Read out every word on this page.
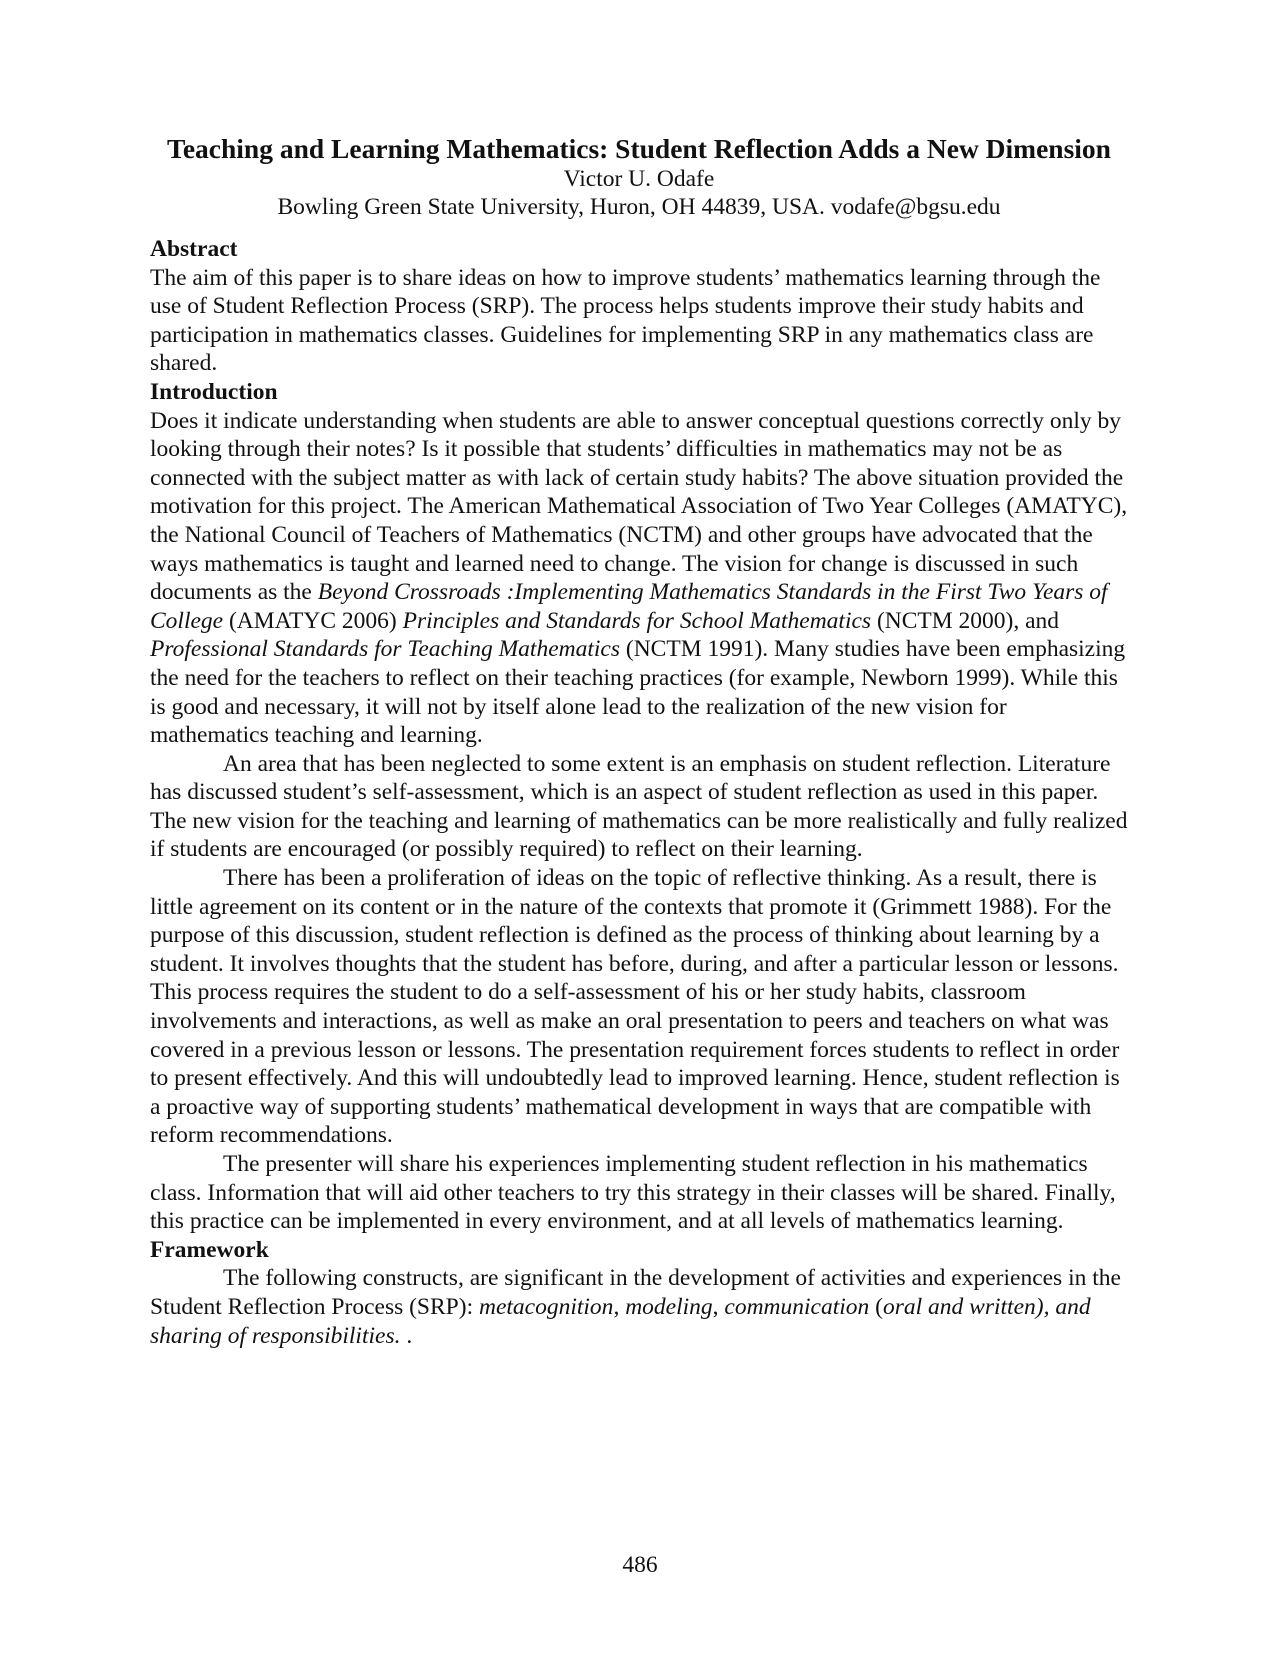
Teaching and Learning Mathematics: Student Reflection Adds a New Dimension

Victor U. Odafe

Bowling Green State University, Huron, OH 44839, USA. vodafe@bgsu.edu

Abstract

The aim of this paper is to share ideas on how to improve students’ mathematics learning through the use of Student Reflection Process (SRP). The process helps students improve their study habits and participation in mathematics classes. Guidelines for implementing SRP in any mathematics class are shared.

Introduction

Does it indicate understanding when students are able to answer conceptual questions correctly only by looking through their notes? Is it possible that students’ difficulties in mathematics may not be as connected with the subject matter as with lack of certain study habits? The above situation provided the motivation for this project. The American Mathematical Association of Two Year Colleges (AMATYC), the National Council of Teachers of Mathematics (NCTM) and other groups have advocated that the ways mathematics is taught and learned need to change. The vision for change is discussed in such documents as the Beyond Crossroads :Implementing Mathematics Standards in the First Two Years of College (AMATYC 2006) Principles and Standards for School Mathematics (NCTM 2000), and Professional Standards for Teaching Mathematics (NCTM 1991). Many studies have been emphasizing the need for the teachers to reflect on their teaching practices (for example, Newborn 1999). While this is good and necessary, it will not by itself alone lead to the realization of the new vision for mathematics teaching and learning.

An area that has been neglected to some extent is an emphasis on student reflection. Literature has discussed student’s self-assessment, which is an aspect of student reflection as used in this paper. The new vision for the teaching and learning of mathematics can be more realistically and fully realized if students are encouraged (or possibly required) to reflect on their learning.

There has been a proliferation of ideas on the topic of reflective thinking. As a result, there is little agreement on its content or in the nature of the contexts that promote it (Grimmett 1988). For the purpose of this discussion, student reflection is defined as the process of thinking about learning by a student. It involves thoughts that the student has before, during, and after a particular lesson or lessons. This process requires the student to do a self-assessment of his or her study habits, classroom involvements and interactions, as well as make an oral presentation to peers and teachers on what was covered in a previous lesson or lessons. The presentation requirement forces students to reflect in order to present effectively. And this will undoubtedly lead to improved learning. Hence, student reflection is a proactive way of supporting students’ mathematical development in ways that are compatible with reform recommendations.

The presenter will share his experiences implementing student reflection in his mathematics class. Information that will aid other teachers to try this strategy in their classes will be shared. Finally, this practice can be implemented in every environment, and at all levels of mathematics learning.

Framework

The following constructs, are significant in the development of activities and experiences in the Student Reflection Process (SRP): metacognition, modeling, communication (oral and written), and sharing of responsibilities. .

486
